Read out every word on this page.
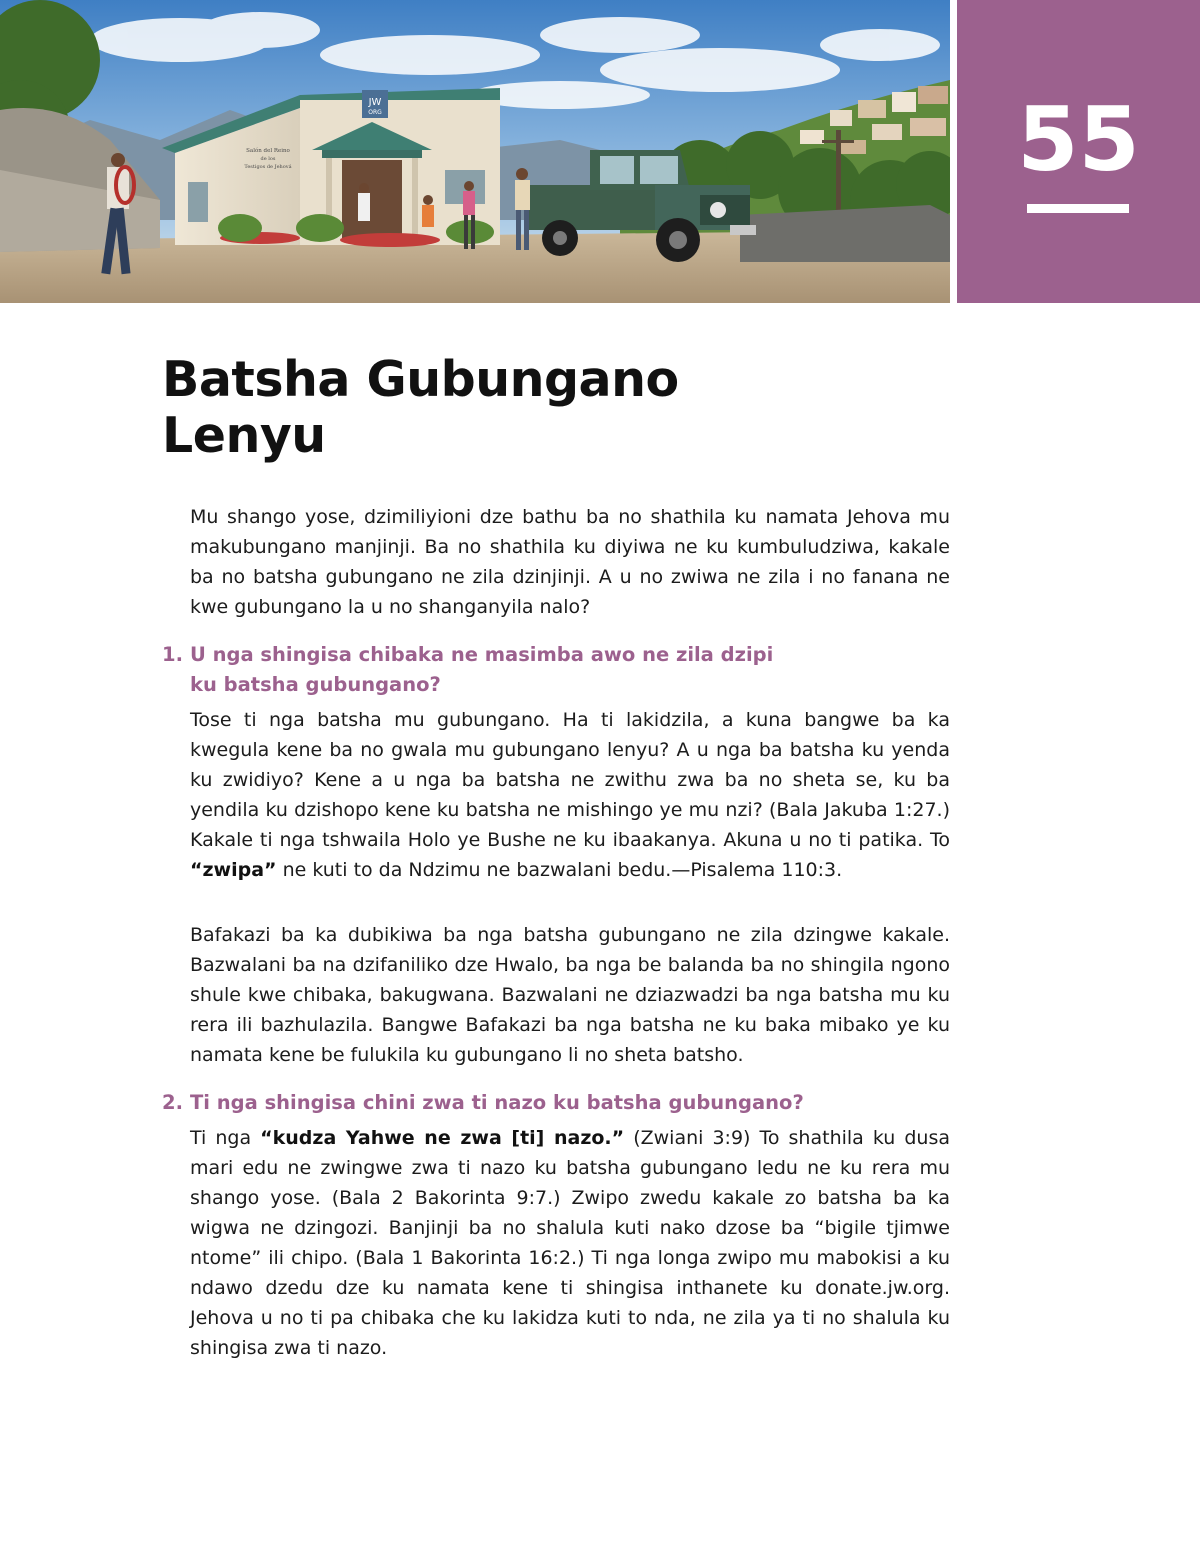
JW
ORG
Salón del Reino
de los
Testigos de Jehová	55
Batsha Gubungano
Lenyu

Mu shango yose, dzimiliyioni dze bathu ba no shathila ku namata Jehova mu makubungano manjinji. Ba no shathila ku diyiwa ne ku kumbuludziwa, kakale ba no batsha gubungano ne zila dzinjinji. A u no zwiwa ne zila i no fanana ne kwe gubungano la u no shanganyila nalo?

1. U nga shingisa chibaka ne masimba awo ne zila dzipi
ku batsha gubungano?

Tose ti nga batsha mu gubungano. Ha ti lakidzila, a kuna bangwe ba ka kwegula kene ba no gwala mu gubungano lenyu? A u nga ba batsha ku yenda ku zwidiyo? Kene a u nga ba batsha ne zwithu zwa ba no sheta se, ku ba yendila ku dzishopo kene ku batsha ne mishingo ye mu nzi? (Bala Jakuba 1:27.) Kakale ti nga tshwaila Holo ye Bushe ne ku ibaakanya. Akuna u no ti patika. To “zwipa” ne kuti to da Ndzimu ne bazwalani bedu.—Pisalema 110:3.

Bafakazi ba ka dubikiwa ba nga batsha gubungano ne zila dzingwe kakale. Bazwalani ba na dzifaniliko dze Hwalo, ba nga be balanda ba no shingila ngono shule kwe chibaka, bakugwana. Bazwalani ne dziazwadzi ba nga batsha mu ku rera ili bazhulazila. Bangwe Bafakazi ba nga batsha ne ku baka mibako ye ku namata kene be fulukila ku gubungano li no sheta batsho.

2. Ti nga shingisa chini zwa ti nazo ku batsha gubungano?

Ti nga “kudza Yahwe ne zwa [ti] nazo.” (Zwiani 3:9) To shathila ku dusa mari edu ne zwingwe zwa ti nazo ku batsha gubungano ledu ne ku rera mu shango yose. (Bala 2 Bakorinta 9:7.) Zwipo zwedu kakale zo batsha ba ka wigwa ne dzingozi. Banjinji ba no shalula kuti nako dzose ba “bigile tjimwe ntome” ili chipo. (Bala 1 Bakorinta 16:2.) Ti nga longa zwipo mu mabokisi a ku ndawo dzedu dze ku namata kene ti shingisa inthanete ku donate.jw.org. Jehova u no ti pa chibaka che ku lakidza kuti to nda, ne zila ya ti no shalula ku shingisa zwa ti nazo.
